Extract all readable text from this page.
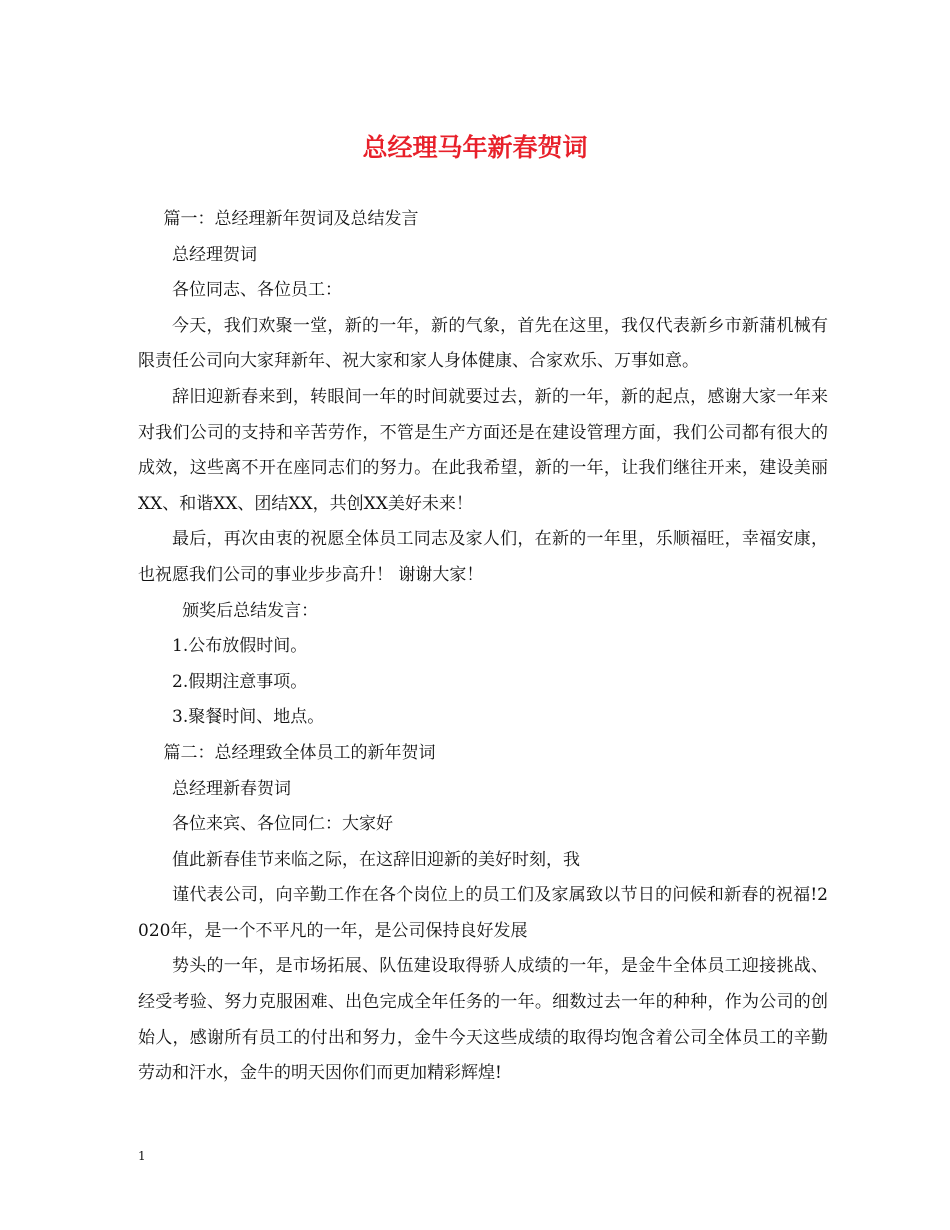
总经理马年新春贺词

篇一：总经理新年贺词及总结发言

总经理贺词

各位同志、各位员工：

今天，我们欢聚一堂，新的一年，新的气象，首先在这里，我仅代表新乡市新蒲机械有限责任公司向大家拜新年、祝大家和家人身体健康、合家欢乐、万事如意。

辞旧迎新春来到，转眼间一年的时间就要过去，新的一年，新的起点，感谢大家一年来对我们公司的支持和辛苦劳作，不管是生产方面还是在建设管理方面，我们公司都有很大的成效，这些离不开在座同志们的努力。在此我希望，新的一年，让我们继往开来，建设美丽XX、和谐XX、团结XX，共创XX美好未来！

最后，再次由衷的祝愿全体员工同志及家人们，在新的一年里，乐顺福旺，幸福安康，也祝愿我们公司的事业步步高升！ 谢谢大家！

颁奖后总结发言：

1.公布放假时间。

2.假期注意事项。

3.聚餐时间、地点。

篇二：总经理致全体员工的新年贺词

总经理新春贺词

各位来宾、各位同仁：大家好

值此新春佳节来临之际，在这辞旧迎新的美好时刻，我

谨代表公司，向辛勤工作在各个岗位上的员工们及家属致以节日的问候和新春的祝福!2020年，是一个不平凡的一年，是公司保持良好发展

势头的一年，是市场拓展、队伍建设取得骄人成绩的一年，是金牛全体员工迎接挑战、经受考验、努力克服困难、出色完成全年任务的一年。细数过去一年的种种，作为公司的创始人，感谢所有员工的付出和努力，金牛今天这些成绩的取得均饱含着公司全体员工的辛勤劳动和汗水，金牛的明天因你们而更加精彩辉煌!

1
